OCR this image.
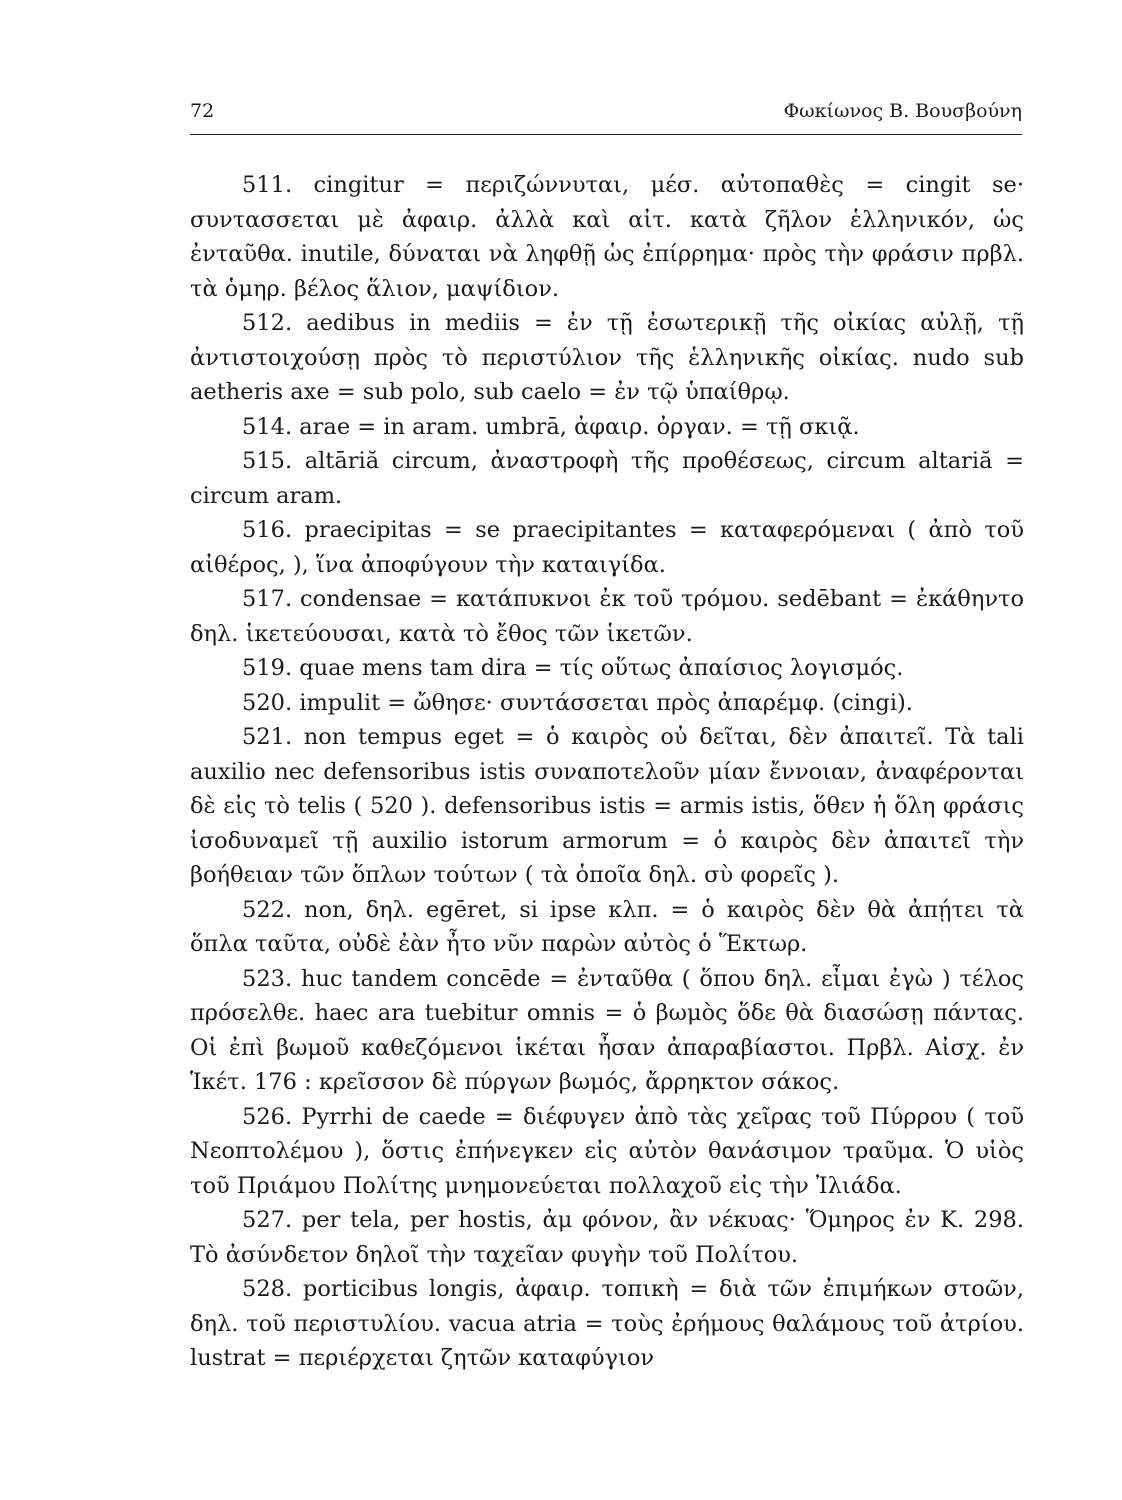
72	Φωκίωνος Β. Βουσβούνη

511. cingitur = περιζώννυται, μέσ. αὐτοπαθὲς = cingit se· συντασσεται μὲ ἀφαιρ. ἀλλὰ καὶ αἰτ. κατὰ ζῆλον ἑλληνικόν, ὡς ἐνταῦθα. inutile, δύναται νὰ ληφθῇ ὡς ἐπίρρημα· πρὸς τὴν φράσιν πρβλ. τὰ ὁμηρ. βέλος ἅλιον, μαψίδιον.

512. aedibus in mediis = ἐν τῇ ἐσωτερικῇ τῆς οἰκίας αὐλῇ, τῇ ἀντιστοιχούσῃ πρὸς τὸ περιστύλιον τῆς ἑλληνικῆς οἰκίας. nudo sub aetheris axe = sub polo, sub caelo = ἐν τῷ ὑπαίθρῳ.

514. arae = in aram. umbrā, ἀφαιρ. ὀργαν. = τῇ σκιᾷ.

515. altāriă circum, ἀναστροφὴ τῆς προθέσεως, circum altariă = circum aram.

516. praecipitas = se praecipitantes = καταφερόμεναι ( ἀπὸ τοῦ αἰθέρος, ), ἵνα ἀποφύγουν τὴν καταιγίδα.

517. condensae = κατάπυκνοι ἐκ τοῦ τρόμου. sedēbant = ἐκάθηντο δηλ. ἱκετεύουσαι, κατὰ τὸ ἔθος τῶν ἱκετῶν.

519. quae mens tam dira = τίς οὕτως ἀπαίσιος λογισμός.

520. impulit = ὤθησε· συντάσσεται πρὸς ἀπαρέμφ. (cingi).

521. non tempus eget = ὁ καιρὸς οὐ δεῖται, δὲν ἀπαιτεῖ. Τὰ tali auxilio nec defensoribus istis συναποτελοῦν μίαν ἔννοιαν, ἀναφέρονται δὲ εἰς τὸ telis ( 520 ). defensoribus istis = armis istis, ὅθεν ἡ ὅλη φράσις ἰσοδυναμεῖ τῇ auxilio istorum armorum = ὁ καιρὸς δὲν ἀπαιτεῖ τὴν βοήθειαν τῶν ὅπλων τούτων ( τὰ ὁποῖα δηλ. σὺ φορεῖς ).

522. non, δηλ. egēret, si ipse κλπ. = ὁ καιρὸς δὲν θὰ ἀπῄτει τὰ ὅπλα ταῦτα, οὐδὲ ἐὰν ἦτο νῦν παρὼν αὐτὸς ὁ Ἕκτωρ.

523. huc tandem concēde = ἐνταῦθα ( ὅπου δηλ. εἶμαι ἐγὼ ) τέλος πρόσελθε. haec ara tuebitur omnis = ὁ βωμὸς ὅδε θὰ διασώσῃ πάντας. Οἱ ἐπὶ βωμοῦ καθεζόμενοι ἱκέται ἦσαν ἀπαραβίαστοι. Πρβλ. Αἰσχ. ἐν Ἱκέτ. 176 : κρεῖσσον δὲ πύργων βωμός, ἄρρηκτον σάκος.

526. Pyrrhi de caede = διέφυγεν ἀπὸ τὰς χεῖρας τοῦ Πύρρου ( τοῦ Νεοπτολέμου ), ὅστις ἐπήνεγκεν εἰς αὐτὸν θανάσιμον τραῦμα. Ὁ υἱὸς τοῦ Πριάμου Πολίτης μνημονεύεται πολλαχοῦ εἰς τὴν Ἰλιάδα.

527. per tela, per hostis, ἀμ φόνον, ἂν νέκυας· Ὅμηρος ἐν Κ. 298. Τὸ ἀσύνδετον δηλοῖ τὴν ταχεῖαν φυγὴν τοῦ Πολίτου.

528. porticibus longis, ἀφαιρ. τοπικὴ = διὰ τῶν ἐπιμήκων στοῶν, δηλ. τοῦ περιστυλίου. vacua atria = τοὺς ἐρήμους θαλάμους τοῦ ἀτρίου. lustrat = περιέρχεται ζητῶν καταφύγιον
